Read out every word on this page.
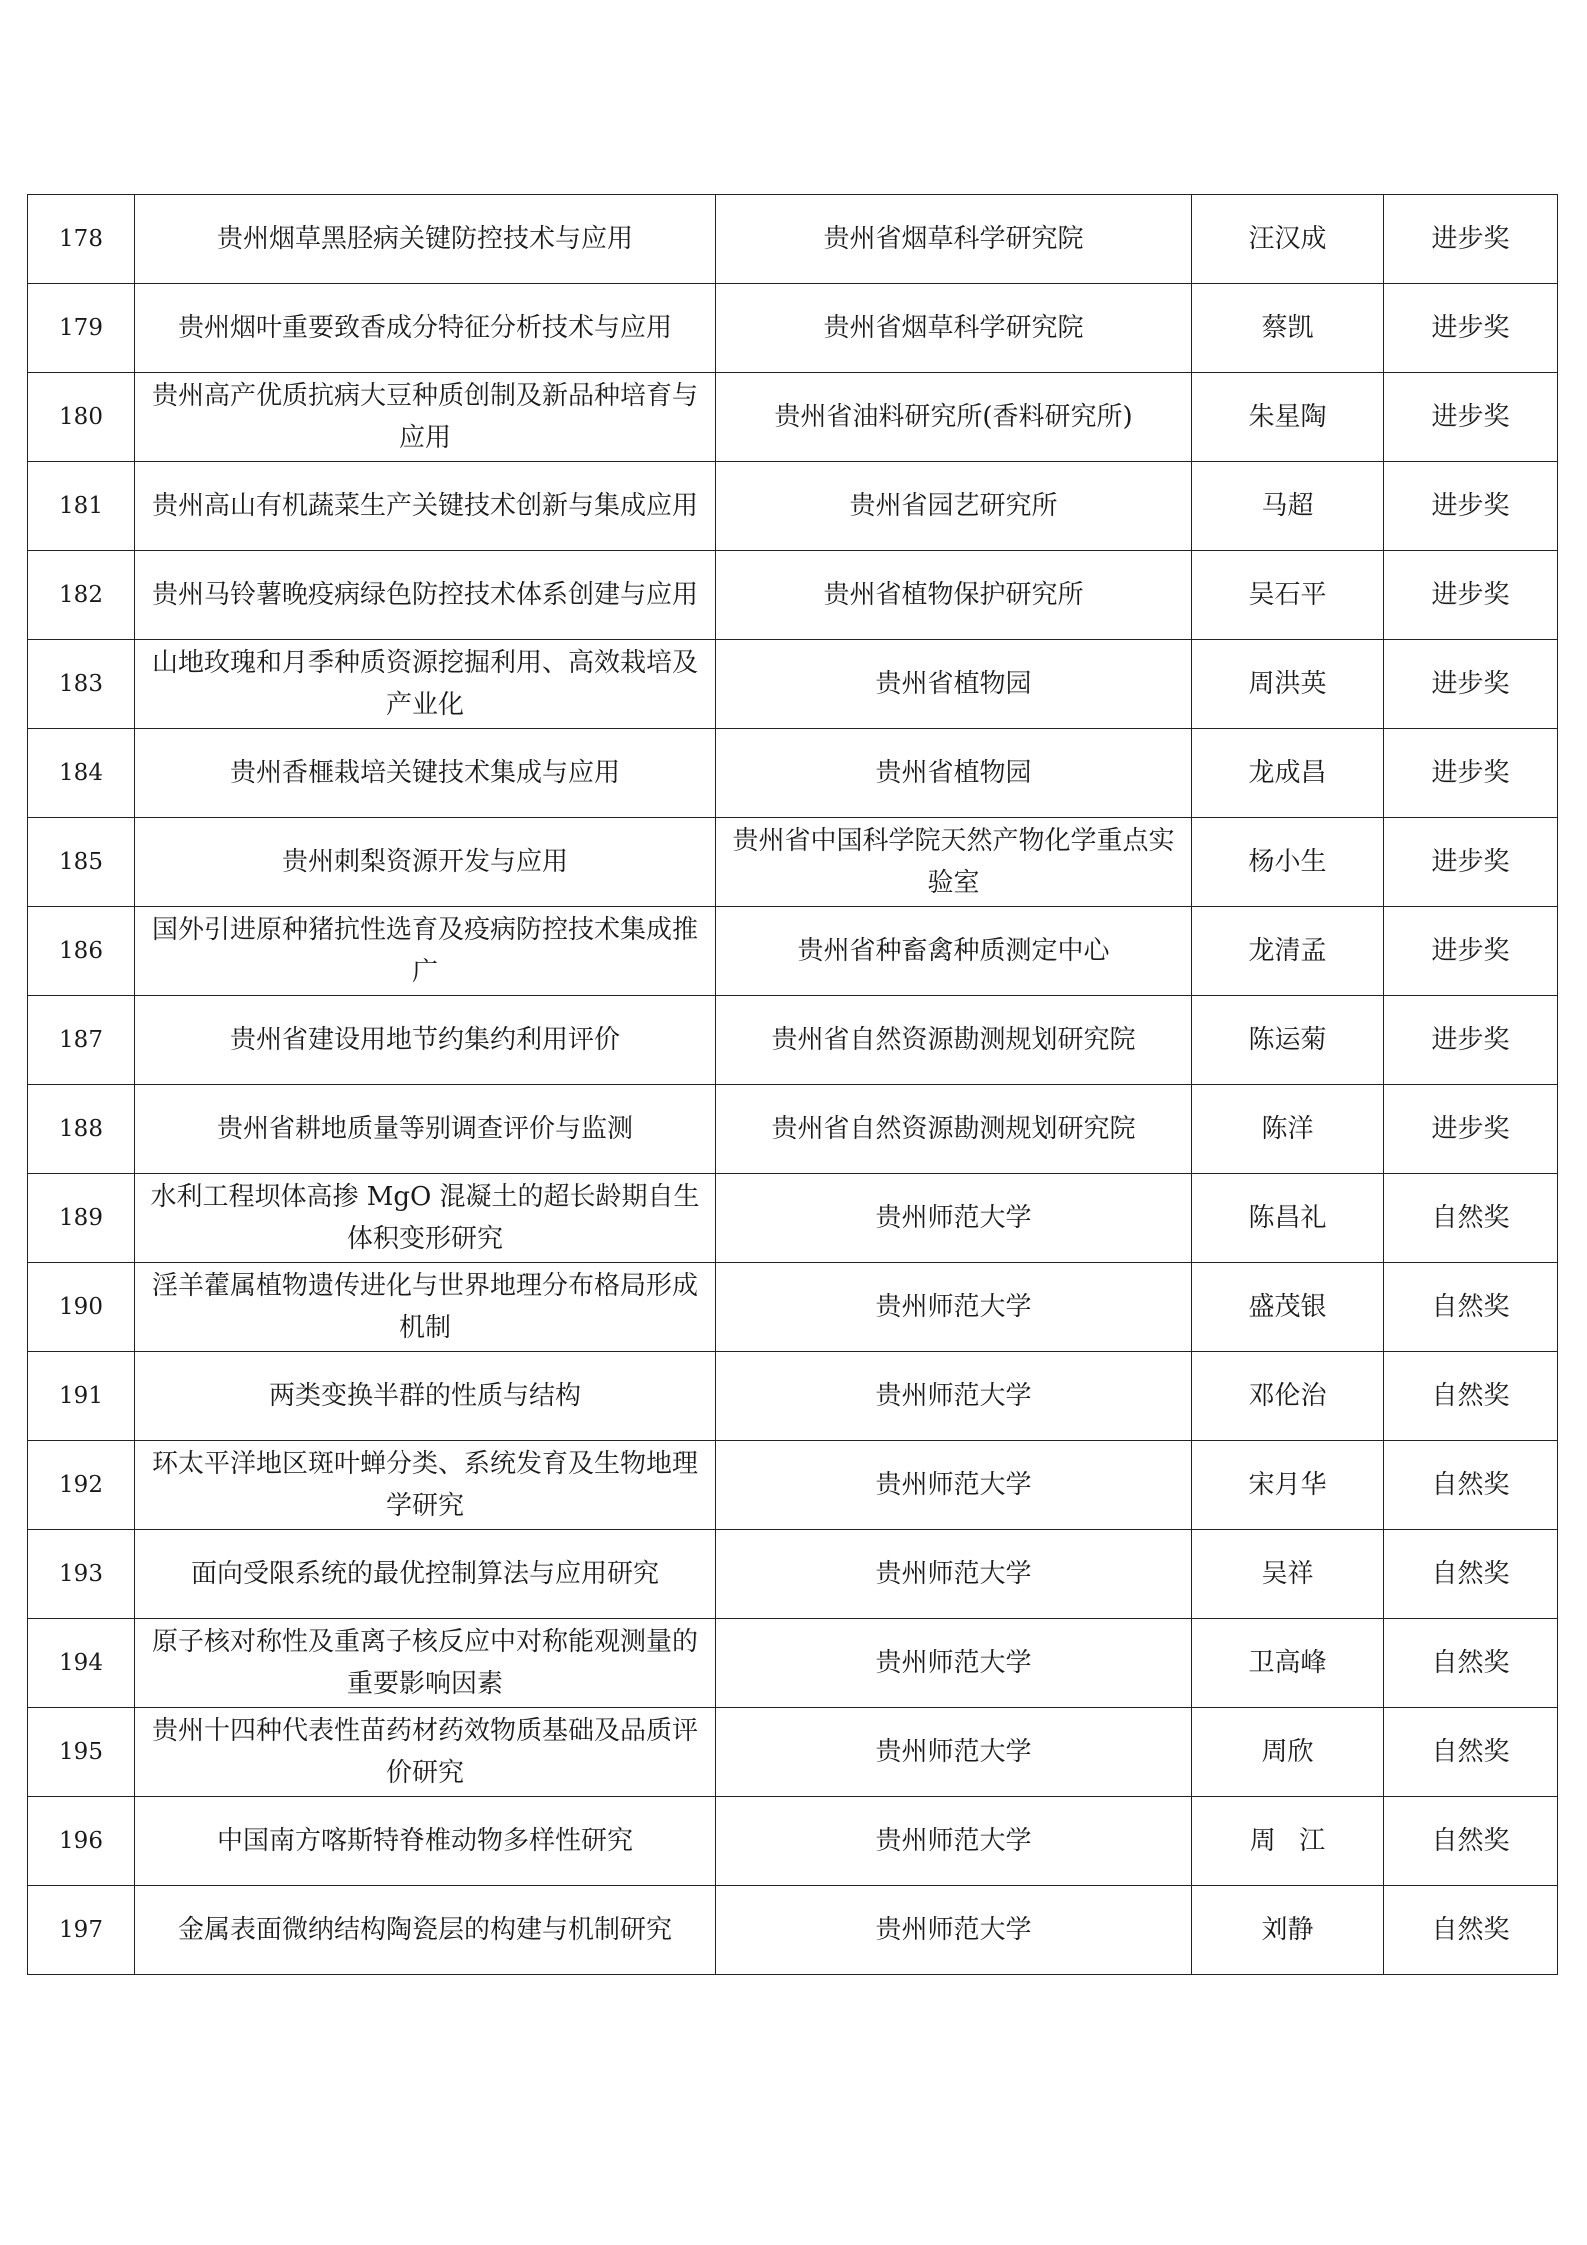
178	贵州烟草黑胫病关键防控技术与应用	贵州省烟草科学研究院	汪汉成	进步奖
179	贵州烟叶重要致香成分特征分析技术与应用	贵州省烟草科学研究院	蔡凯	进步奖
180	贵州高产优质抗病大豆种质创制及新品种培育与应用	贵州省油料研究所(香料研究所)	朱星陶	进步奖
181	贵州高山有机蔬菜生产关键技术创新与集成应用	贵州省园艺研究所	马超	进步奖
182	贵州马铃薯晚疫病绿色防控技术体系创建与应用	贵州省植物保护研究所	吴石平	进步奖
183	山地玫瑰和月季种质资源挖掘利用、高效栽培及产业化	贵州省植物园	周洪英	进步奖
184	贵州香榧栽培关键技术集成与应用	贵州省植物园	龙成昌	进步奖
185	贵州刺梨资源开发与应用	贵州省中国科学院天然产物化学重点实验室	杨小生	进步奖
186	国外引进原种猪抗性选育及疫病防控技术集成推广	贵州省种畜禽种质测定中心	龙清孟	进步奖
187	贵州省建设用地节约集约利用评价	贵州省自然资源勘测规划研究院	陈运菊	进步奖
188	贵州省耕地质量等别调查评价与监测	贵州省自然资源勘测规划研究院	陈洋	进步奖
189	水利工程坝体高掺 MgO 混凝土的超长龄期自生体积变形研究	贵州师范大学	陈昌礼	自然奖
190	淫羊藿属植物遗传进化与世界地理分布格局形成机制	贵州师范大学	盛茂银	自然奖
191	两类变换半群的性质与结构	贵州师范大学	邓伦治	自然奖
192	环太平洋地区斑叶蝉分类、系统发育及生物地理学研究	贵州师范大学	宋月华	自然奖
193	面向受限系统的最优控制算法与应用研究	贵州师范大学	吴祥	自然奖
194	原子核对称性及重离子核反应中对称能观测量的重要影响因素	贵州师范大学	卫高峰	自然奖
195	贵州十四种代表性苗药材药效物质基础及品质评价研究	贵州师范大学	周欣	自然奖
196	中国南方喀斯特脊椎动物多样性研究	贵州师范大学	周江	自然奖
197	金属表面微纳结构陶瓷层的构建与机制研究	贵州师范大学	刘静	自然奖
